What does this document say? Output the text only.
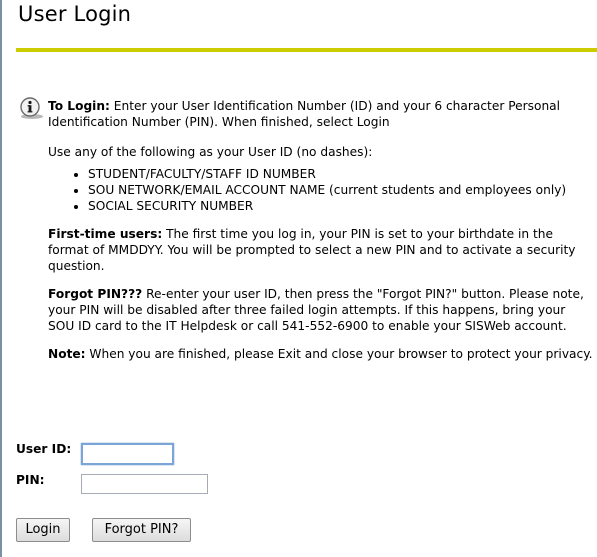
User Login

To Login: Enter your User Identification Number (ID) and your 6 character Personal Identification Number (PIN). When finished, select Login

Use any of the following as your User ID (no dashes):

• STUDENT/FACULTY/STAFF ID NUMBER
• SOU NETWORK/EMAIL ACCOUNT NAME (current students and employees only)
• SOCIAL SECURITY NUMBER

First-time users: The first time you log in, your PIN is set to your birthdate in the format of MMDDYY. You will be prompted to select a new PIN and to activate a security question.

Forgot PIN??? Re-enter your user ID, then press the "Forgot PIN?" button. Please note, your PIN will be disabled after three failed login attempts. If this happens, bring your SOU ID card to the IT Helpdesk or call 541-552-6900 to enable your SISWeb account.

Note: When you are finished, please Exit and close your browser to protect your privacy.

User ID:
PIN:
Login	Forgot PIN?
